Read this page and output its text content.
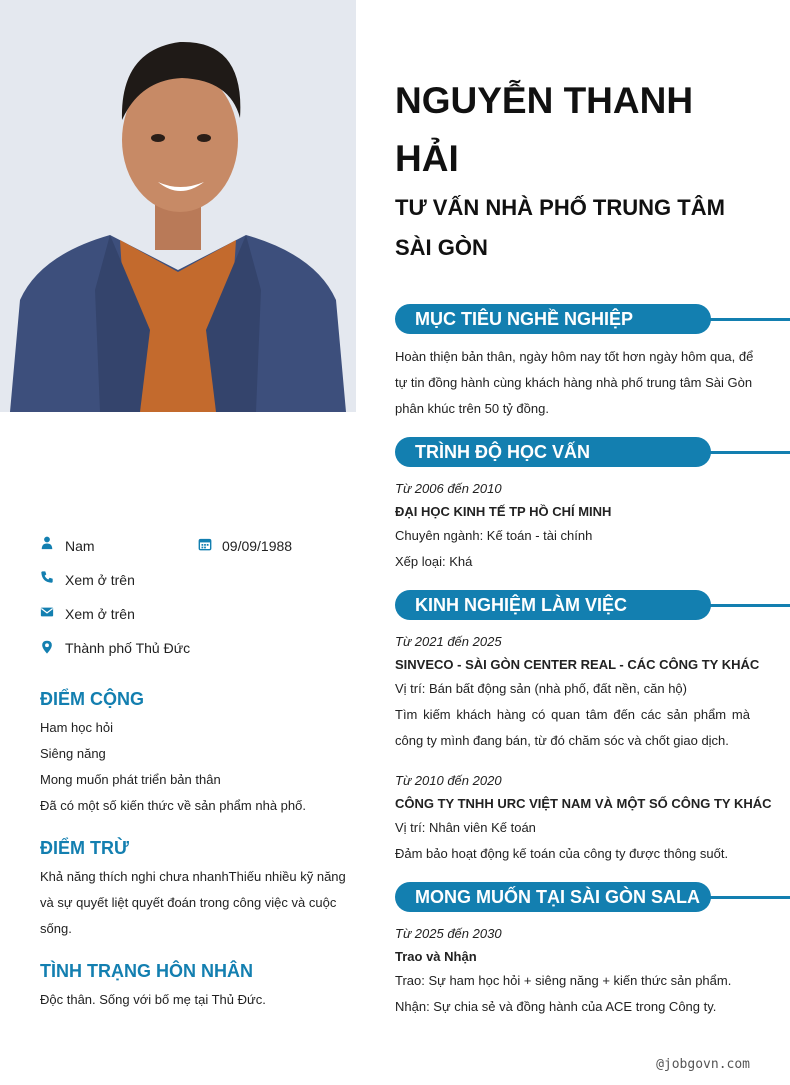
NGUYỄN THANH HẢI
TƯ VẤN NHÀ PHỐ TRUNG TÂM SÀI GÒN
Nam	09/09/1988
Xem ở trên
Xem ở trên
Thành phố Thủ Đức
ĐIỂM CỘNG
Ham học hỏi
Siêng năng
Mong muốn phát triển bản thân
Đã có một số kiến thức về sản phẩm nhà phố.
ĐIỂM TRỪ
Khả năng thích nghi chưa nhanhThiếu nhiều kỹ năng
và sự quyết liệt quyết đoán trong công việc và cuộc
sống.
TÌNH TRẠNG HÔN NHÂN
Độc thân. Sống với bố mẹ tại Thủ Đức.
MỤC TIÊU NGHỀ NGHIỆP
Hoàn thiện bản thân, ngày hôm nay tốt hơn ngày hôm qua, để
tự tin đồng hành cùng khách hàng nhà phố trung tâm Sài Gòn
phân khúc trên 50 tỷ đồng.
TRÌNH ĐỘ HỌC VẤN
Từ 2006 đến 2010
ĐẠI HỌC KINH TẾ TP HỒ CHÍ MINH
Chuyên ngành: Kế toán - tài chính
Xếp loại: Khá
KINH NGHIỆM LÀM VIỆC
Từ 2021 đến 2025
SINVECO - SÀI GÒN CENTER REAL - CÁC CÔNG TY KHÁC
Vị trí: Bán bất động sản (nhà phố, đất nền, căn hộ)
Tìm kiếm khách hàng có quan tâm đến các sản phẩm mà
công ty mình đang bán, từ đó chăm sóc và chốt giao dịch.
Từ 2010 đến 2020
CÔNG TY TNHH URC VIỆT NAM VÀ MỘT SỐ CÔNG TY KHÁC
Vị trí: Nhân viên Kế toán
Đảm bảo hoạt động kế toán của công ty được thông suốt.
MONG MUỐN TẠI SÀI GÒN SALA
Từ 2025 đến 2030
Trao và Nhận
Trao: Sự ham học hỏi + siêng năng + kiến thức sản phẩm.
Nhận: Sự chia sẻ và đồng hành của ACE trong Công ty.
@jobgovn.com
